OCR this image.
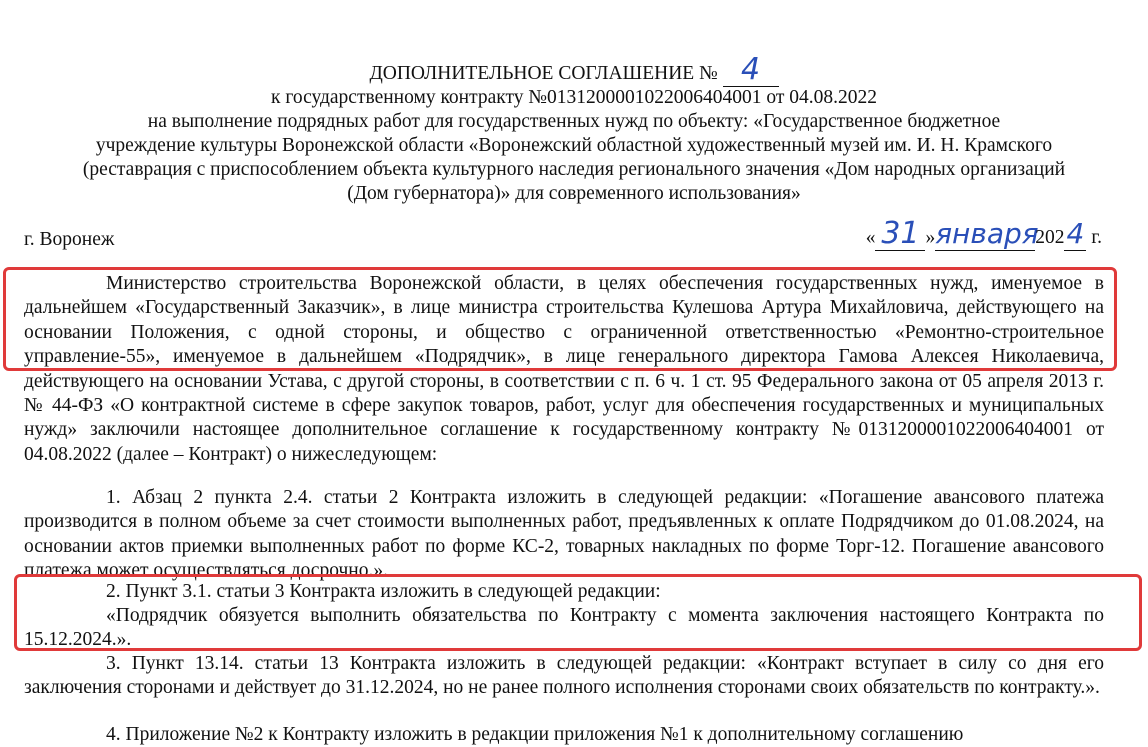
ДОПОЛНИТЕЛЬНОЕ СОГЛАШЕНИЕ № 4
к государственному контракту №0131200001022006404001 от 04.08.2022
на выполнение подрядных работ для государственных нужд по объекту: «Государственное бюджетное
учреждение культуры Воронежской области «Воронежский областной художественный музей им. И. Н. Крамского
(реставрация с приспособлением объекта культурного наследия регионального значения «Дом народных организаций
(Дом губернатора)» для современного использования»
г. Воронеж	« 31 »января2024 г.
Министерство строительства Воронежской области, в целях обеспечения государственных нужд, именуемое в дальнейшем «Государственный Заказчик», в лице министра строительства Кулешова Артура Михайловича, действующего на основании Положения, с одной стороны, и общество с ограниченной ответственностью «Ремонтно-строительное управление-55», именуемое в дальнейшем «Подрядчик», в лице генерального директора Гамова Алексея Николаевича, действующего на основании Устава, с другой стороны, в соответствии с п. 6 ч. 1 ст. 95 Федерального закона от 05 апреля 2013 г. № 44-ФЗ «О контрактной системе в сфере закупок товаров, работ, услуг для обеспечения государственных и муниципальных нужд» заключили настоящее дополнительное соглашение к государственному контракту №0131200001022006404001 от 04.08.2022 (далее – Контракт) о нижеследующем:
1. Абзац 2 пункта 2.4. статьи 2 Контракта изложить в следующей редакции: «Погашение авансового платежа производится в полном объеме за счет стоимости выполненных работ, предъявленных к оплате Подрядчиком до 01.08.2024, на основании актов приемки выполненных работ по форме КС-2, товарных накладных по форме Торг-12. Погашение авансового платежа может осуществляться досрочно.».
2. Пункт 3.1. статьи 3 Контракта изложить в следующей редакции:
«Подрядчик обязуется выполнить обязательства по Контракту с момента заключения настоящего Контракта по 15.12.2024.».
3. Пункт 13.14. статьи 13 Контракта изложить в следующей редакции: «Контракт вступает в силу со дня его заключения сторонами и действует до 31.12.2024, но не ранее полного исполнения сторонами своих обязательств по контракту.».
4. Приложение №2 к Контракту изложить в редакции приложения №1 к дополнительному соглашению
